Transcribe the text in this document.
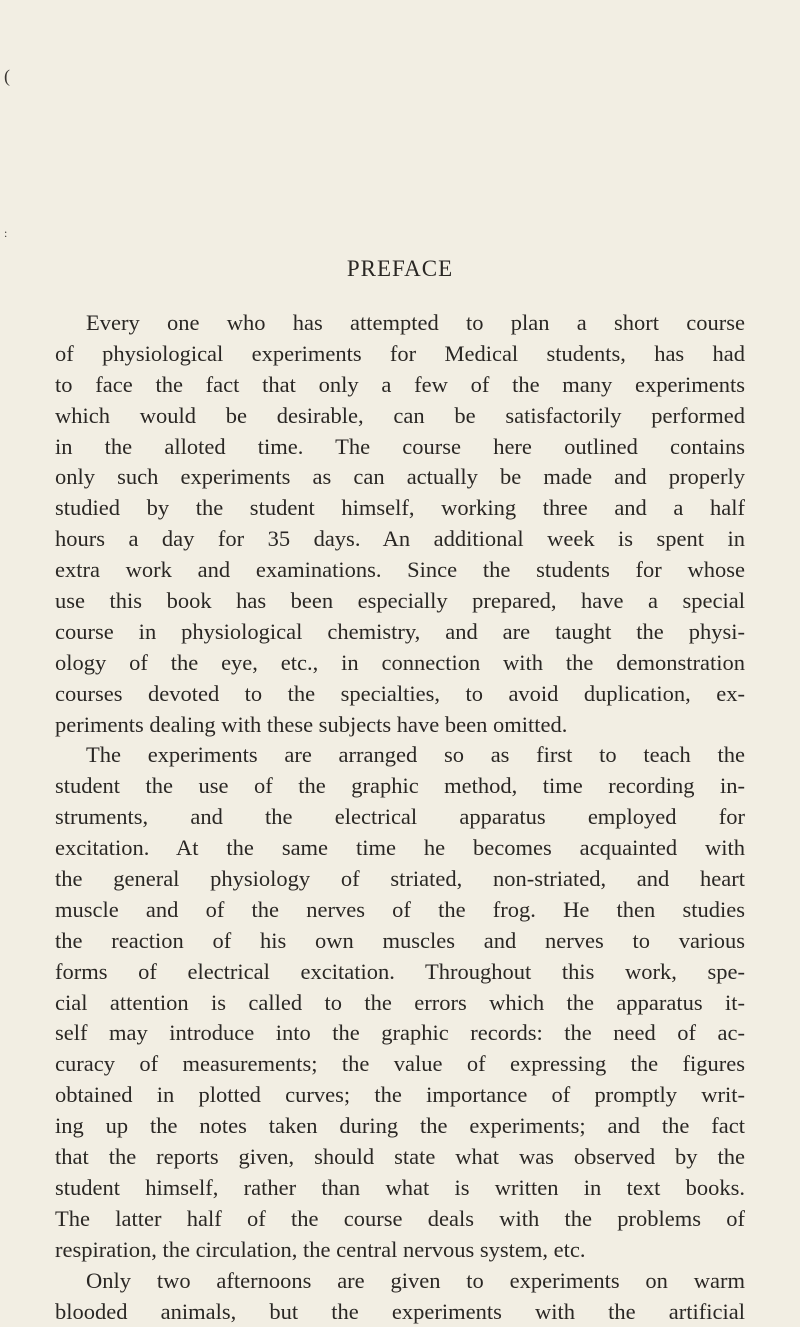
(
:
PREFACE
Every one who has attempted to plan a short course
of physiological experiments for Medical students, has had
to face the fact that only a few of the many experiments
which would be desirable, can be satisfactorily performed
in the alloted time. The course here outlined contains
only such experiments as can actually be made and properly
studied by the student himself, working three and a half
hours a day for 35 days. An additional week is spent in
extra work and examinations. Since the students for whose
use this book has been especially prepared, have a special
course in physiological chemistry, and are taught the physi-
ology of the eye, etc., in connection with the demonstration
courses devoted to the specialties, to avoid duplication, ex-
periments dealing with these subjects have been omitted.
The experiments are arranged so as first to teach the
student the use of the graphic method, time recording in-
struments, and the electrical apparatus employed for
excitation. At the same time he becomes acquainted with
the general physiology of striated, non-striated, and heart
muscle and of the nerves of the frog. He then studies
the reaction of his own muscles and nerves to various
forms of electrical excitation. Throughout this work, spe-
cial attention is called to the errors which the apparatus it-
self may introduce into the graphic records: the need of ac-
curacy of measurements; the value of expressing the figures
obtained in plotted curves; the importance of promptly writ-
ing up the notes taken during the experiments; and the fact
that the reports given, should state what was observed by the
student himself, rather than what is written in text books.
The latter half of the course deals with the problems of
respiration, the circulation, the central nervous system, etc.
Only two afternoons are given to experiments on warm
blooded animals, but the experiments with the artificial
